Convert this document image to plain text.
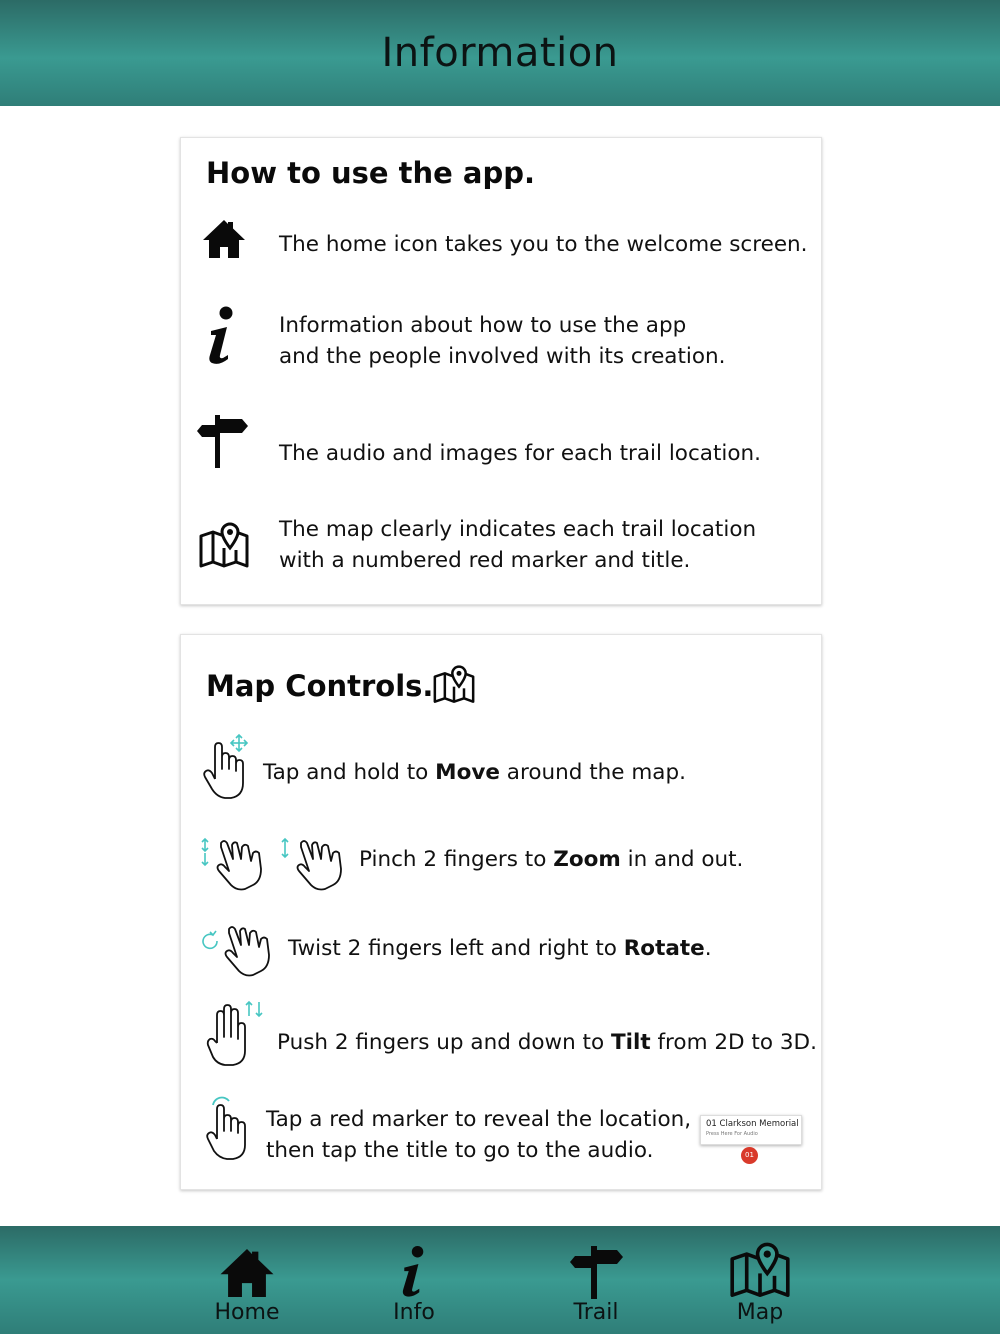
Information
How to use the app.
The home icon takes you to the welcome screen.
Information about how to use the app
and the people involved with its creation.
The audio and images for each trail location.
The map clearly indicates each trail location
with a numbered red marker and title.
Map Controls.
Tap and hold to Move around the map.
Pinch 2 fingers to Zoom in and out.
Twist 2 fingers left and right to Rotate.
Push 2 fingers up and down to Tilt from 2D to 3D.
Tap a red marker to reveal the location,
then tap the title to go to the audio.
01 Clarkson Memorial
Press Here For Audio
01
Home	Info	Trail	Map
